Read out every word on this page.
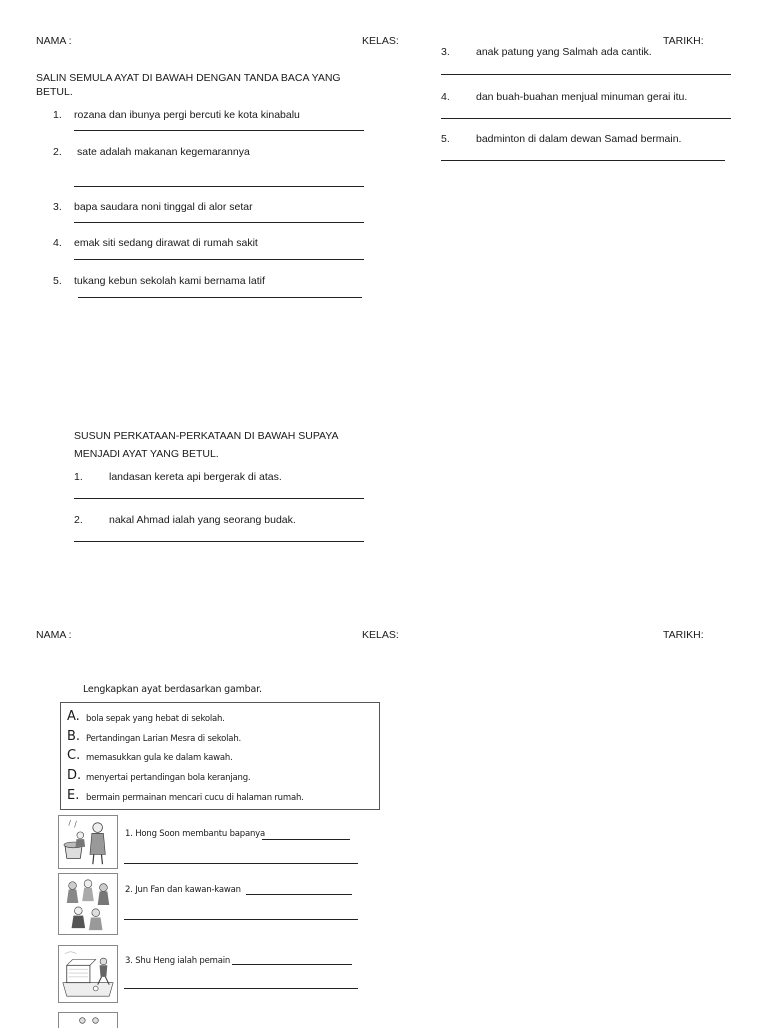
NAMA :	KELAS:	TARIKH:
SALIN SEMULA AYAT DI BAWAH DENGAN TANDA BACA YANG BETUL.
1. rozana dan ibunya pergi bercuti ke kota kinabalu
2. sate adalah makanan kegemarannya
3. bapa saudara noni tinggal di alor setar
4. emak siti sedang dirawat di rumah sakit
5. tukang kebun sekolah kami bernama latif
3. anak patung yang Salmah ada cantik.
4. dan buah-buahan menjual minuman gerai itu.
5. badminton di dalam dewan Samad bermain.
SUSUN PERKATAAN-PERKATAAN DI BAWAH SUPAYA MENJADI AYAT YANG BETUL.
1. landasan kereta api bergerak di atas.
2. nakal Ahmad ialah yang seorang budak.
NAMA :	KELAS:	TARIKH:
Lengkapkan ayat berdasarkan gambar.
A. bola sepak yang hebat di sekolah.
B. Pertandingan Larian Mesra di sekolah.
C. memasukkan gula ke dalam kawah.
D. menyertai pertandingan bola keranjang.
E. bermain permainan mencari cucu di halaman rumah.
1. Hong Soon membantu bapanya
2. Jun Fan dan kawan-kawan
3. Shu Heng ialah pemain
